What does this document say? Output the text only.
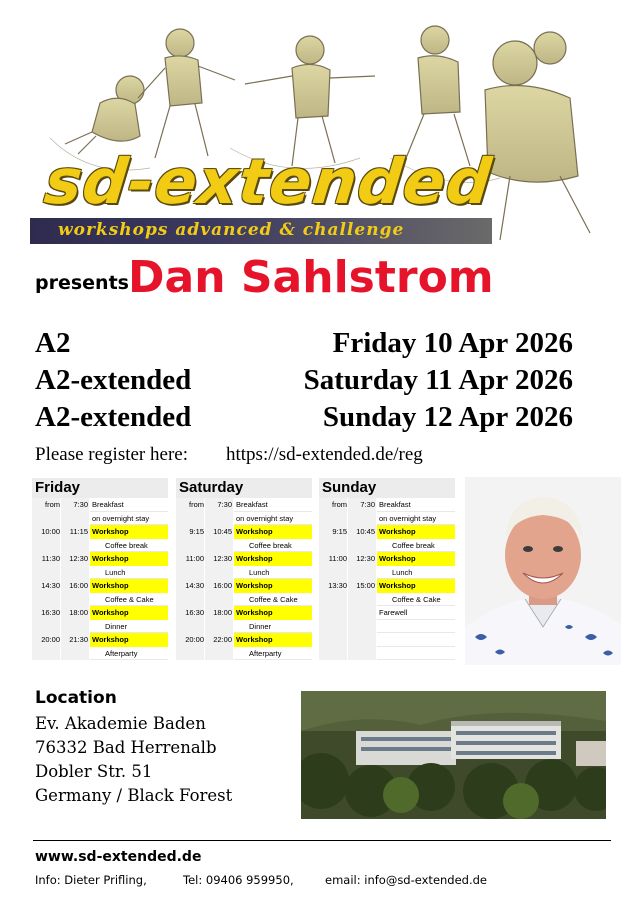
sd-extended
workshops advanced & challenge
presents Dan Sahlstrom
A2	Friday 10 Apr 2026
A2-extended	Saturday 11 Apr 2026
A2-extended	Sunday 12 Apr 2026
Please register here: https://sd-extended.de/reg
Friday
from	7:30 Breakfast
on overnight stay
10:00	11:15 Workshop
Coffee break
11:30	12:30 Workshop
Lunch
14:30	16:00 Workshop
Coffee & Cake
16:30	18:00 Workshop
Dinner
20:00	21:30 Workshop
Afterparty
Saturday
from	7:30 Breakfast
on overnight stay
9:15	10:45 Workshop
Coffee break
11:00	12:30 Workshop
Lunch
14:30	16:00 Workshop
Coffee & Cake
16:30	18:00 Workshop
Dinner
20:00	22:00 Workshop
Afterparty
Sunday
from	7:30 Breakfast
on overnight stay
9:15	10:45 Workshop
Coffee break
11:00	12:30 Workshop
Lunch
13:30	15:00 Workshop
Coffee & Cake
Farewell
Location
Ev. Akademie Baden
76332 Bad Herrenalb
Dobler Str. 51
Germany / Black Forest
www.sd-extended.de
Info: Dieter Prifling,	Tel: 09406 959950,	email: info@sd-extended.de
